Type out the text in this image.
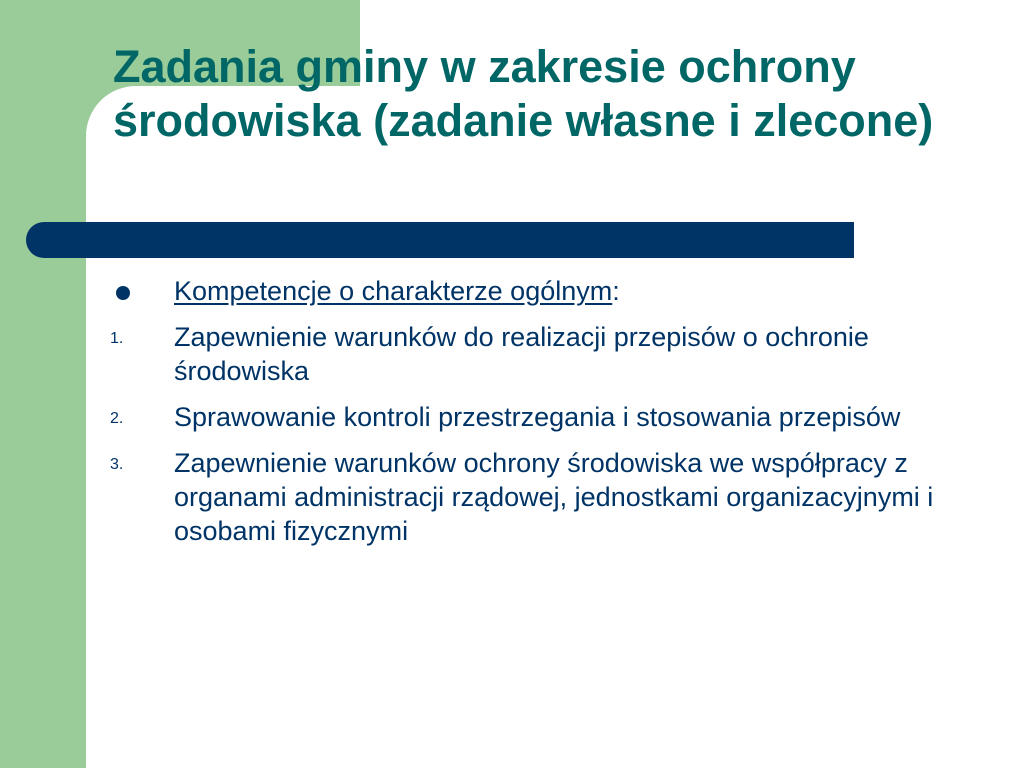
Zadania gminy w zakresie ochrony środowiska (zadanie własne i zlecone)
Kompetencje o charakterze ogólnym:
1. Zapewnienie warunków do realizacji przepisów o ochronie środowiska
2. Sprawowanie kontroli przestrzegania i stosowania przepisów
3. Zapewnienie warunków ochrony środowiska we współpracy z organami administracji rządowej, jednostkami organizacyjnymi i osobami fizycznymi
